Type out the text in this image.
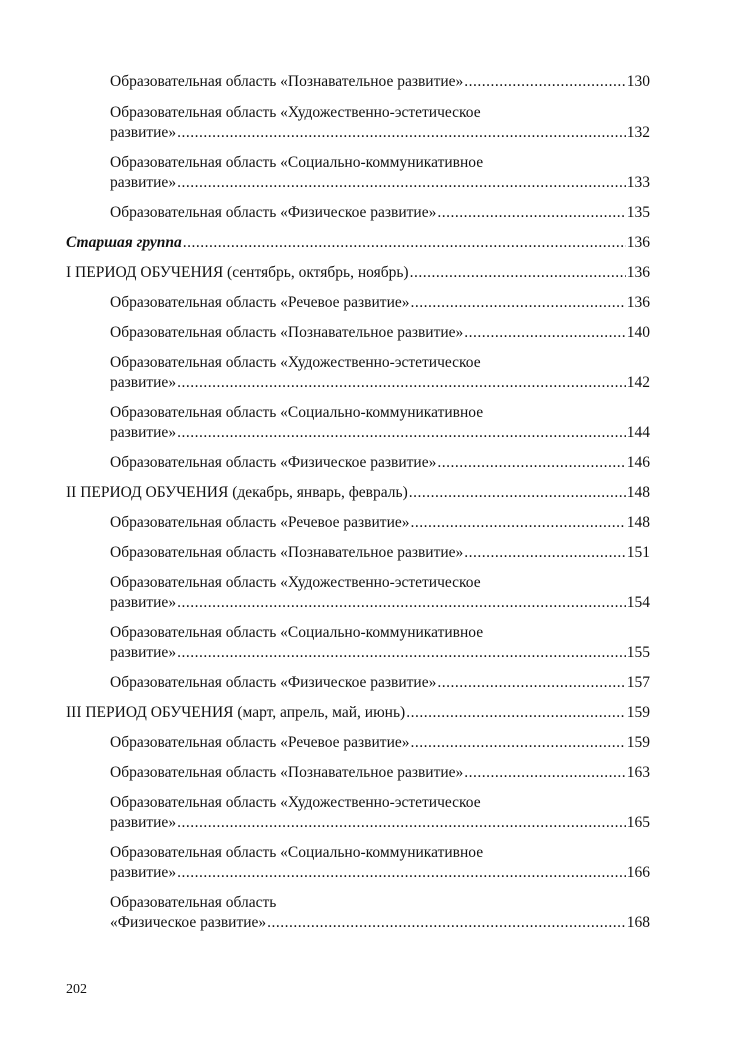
Образовательная область «Познавательное развитие» .....	130
Образовательная область «Художественно-эстетическое
развитие» .....	132
Образовательная область «Социально-коммуникативное
развитие» .....	133
Образовательная область «Физическое развитие» .....	135
Старшая группа .....	136
I ПЕРИОД ОБУЧЕНИЯ (сентябрь, октябрь, ноябрь) .....	136
Образовательная область «Речевое развитие» .....	136
Образовательная область «Познавательное развитие» .....	140
Образовательная область «Художественно-эстетическое
развитие» .....	142
Образовательная область «Социально-коммуникативное
развитие» .....	144
Образовательная область «Физическое развитие» .....	146
II ПЕРИОД ОБУЧЕНИЯ (декабрь, январь, февраль) .....	148
Образовательная область «Речевое развитие» .....	148
Образовательная область «Познавательное развитие» .....	151
Образовательная область «Художественно-эстетическое
развитие» .....	154
Образовательная область «Социально-коммуникативное
развитие» .....	155
Образовательная область «Физическое развитие» .....	157
III ПЕРИОД ОБУЧЕНИЯ (март, апрель, май, июнь) .....	159
Образовательная область «Речевое развитие» .....	159
Образовательная область «Познавательное развитие» .....	163
Образовательная область «Художественно-эстетическое
развитие» .....	165
Образовательная область «Социально-коммуникативное
развитие» .....	166
Образовательная область
«Физическое развитие» .....	168
202
